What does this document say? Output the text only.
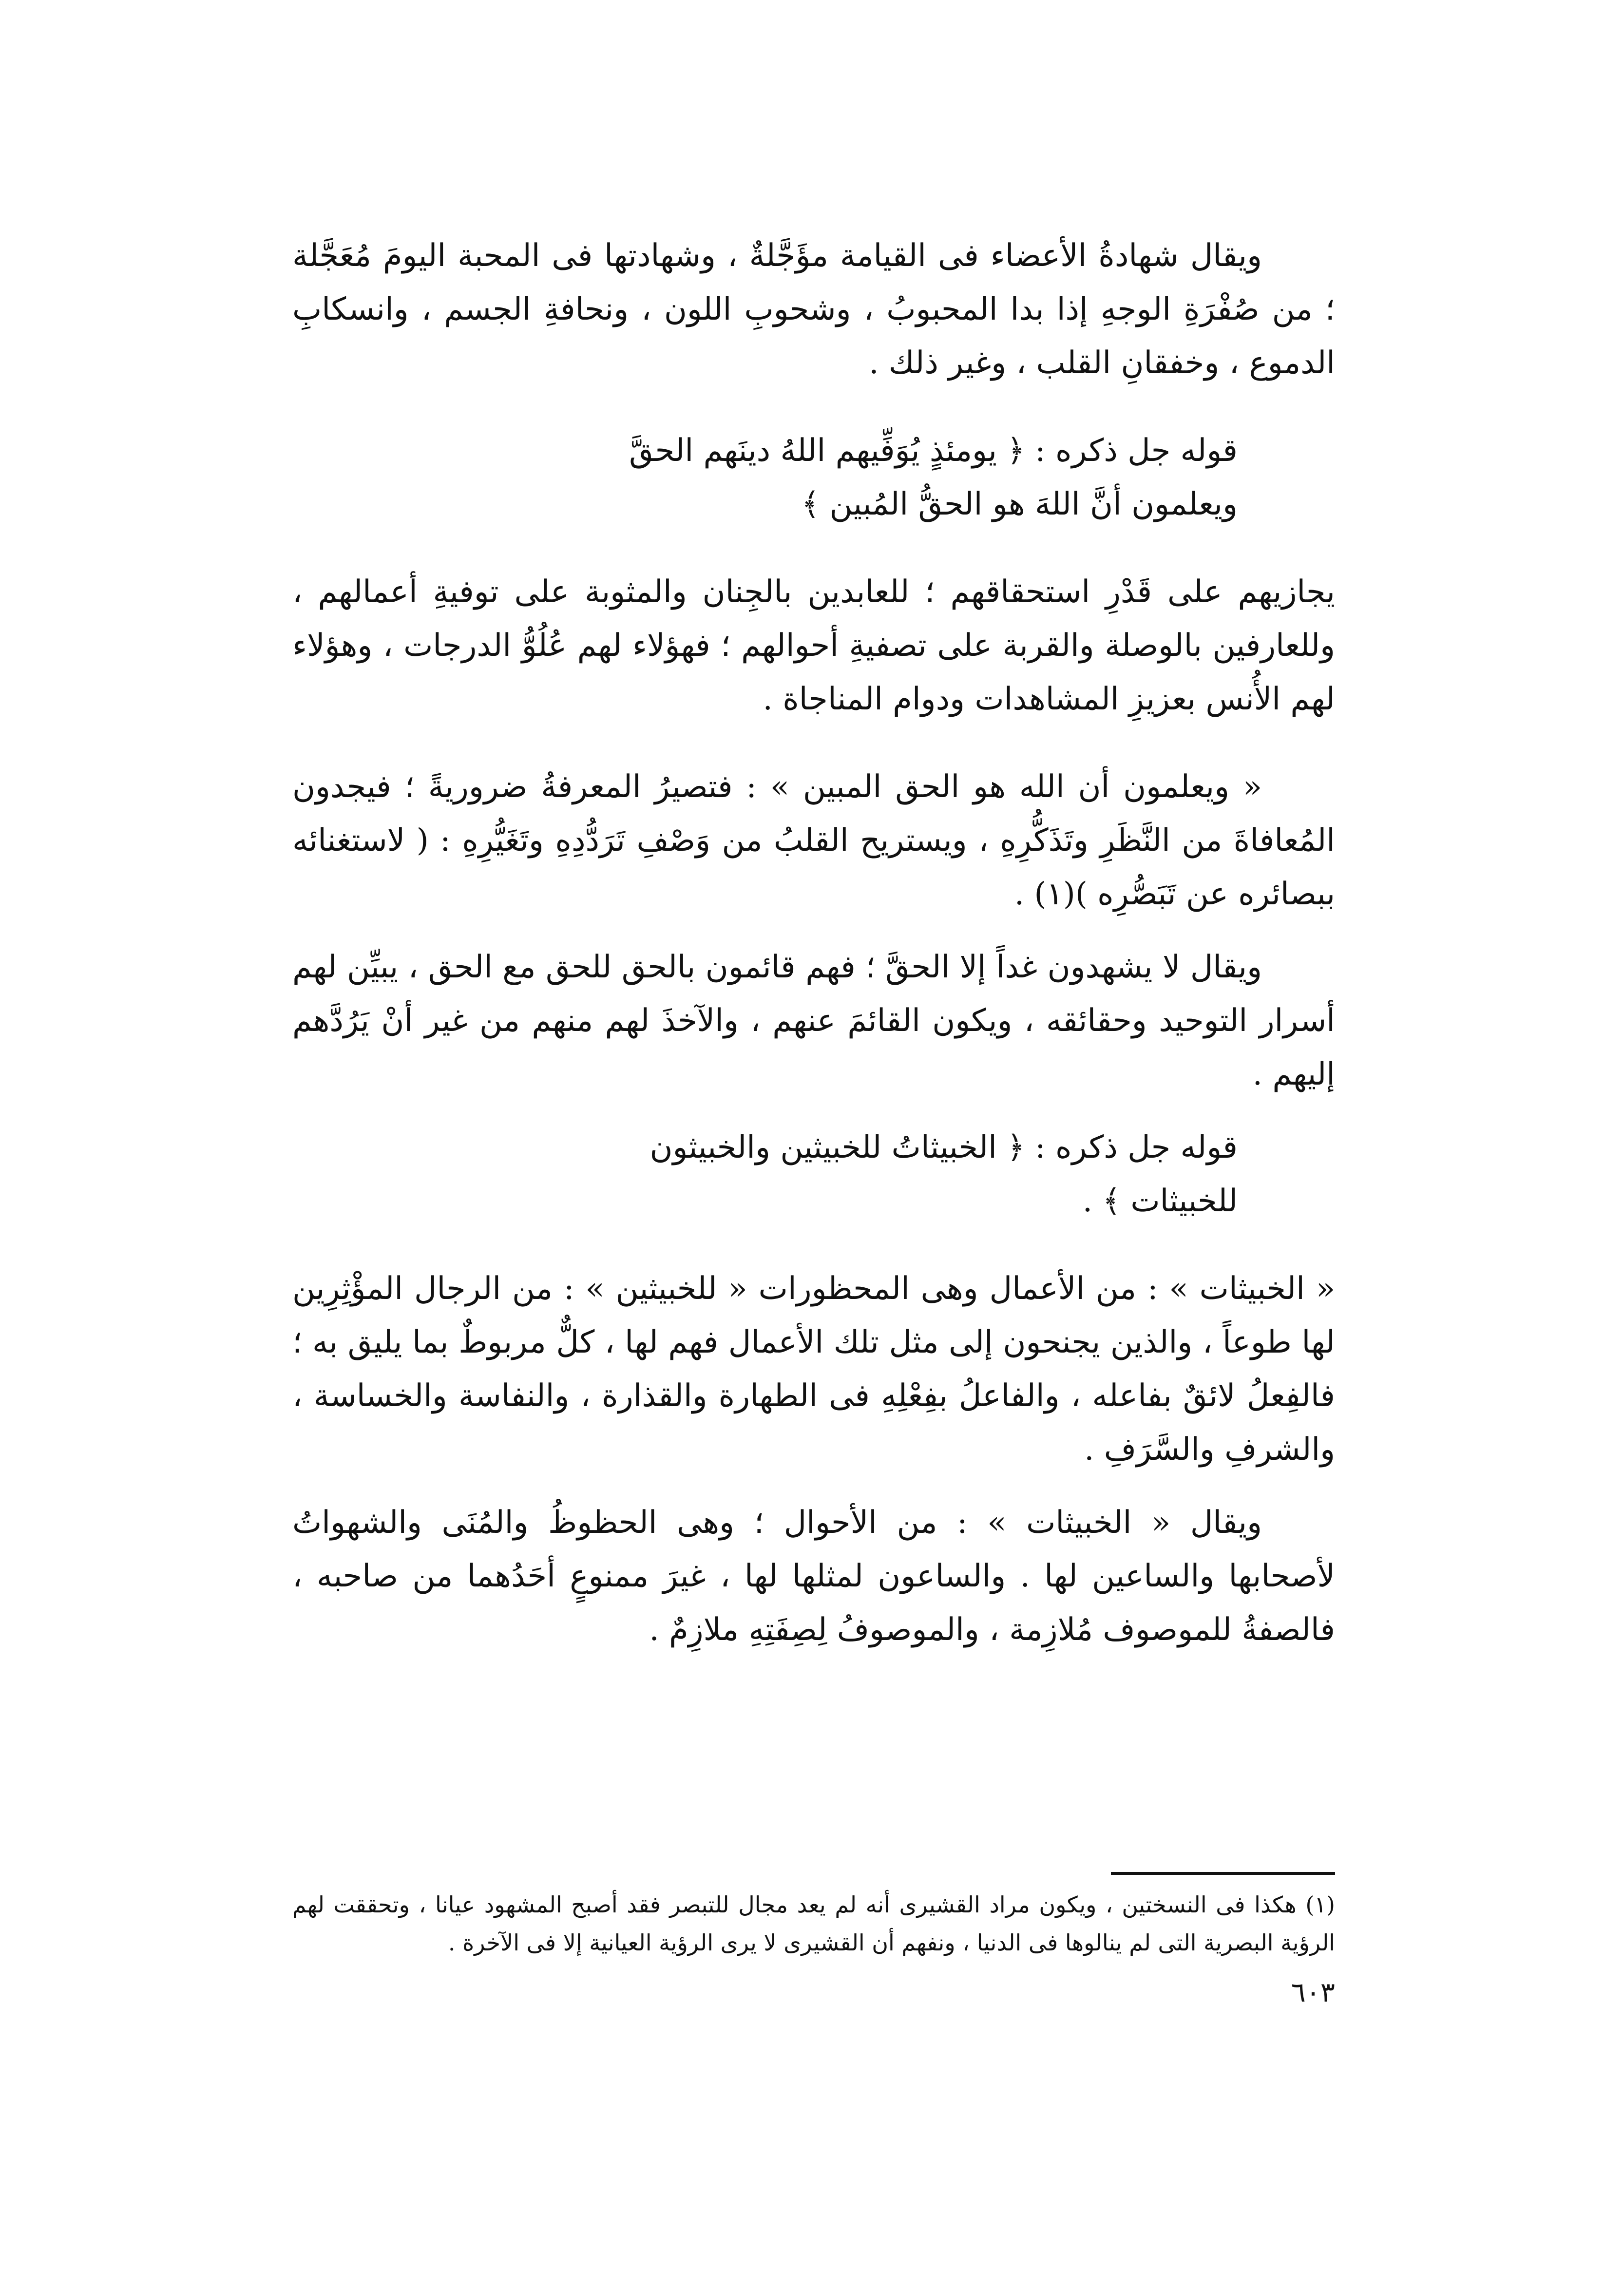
ويقال شهادةُ الأعضاء فى القيامة مؤَجَّلةٌ ، وشهادتها فى المحبة اليومَ مُعَجَّلة ؛ من صُفْرَةِ الوجهِ إذا بدا المحبوبُ ، وشحوبِ اللون ، ونحافةِ الجسم ، وانسكابِ الدموع ، وخفقانِ القلب ، وغير ذلك .

قوله جل ذكره : ﴿ يومئذٍ يُوَفِّيهم اللهُ دينَهم الحقَّ
ويعلمون أنَّ اللهَ هو الحقُّ المُبين ﴾

يجازيهم على قَدْرِ استحقاقهم ؛ للعابدين بالجِنان والمثوبة على توفيةِ أعمالهم ، وللعارفين بالوصلة والقربة على تصفيةِ أحوالهم ؛ فهؤلاء لهم عُلُوُّ الدرجات ، وهؤلاء لهم الأُنس بعزيزِ المشاهدات ودوام المناجاة .

« ويعلمون أن الله هو الحق المبين » : فتصيرُ المعرفةُ ضروريةً ؛ فيجدون المُعافاةَ من النَّظَرِ وتَذَكُّرِهِ ، ويستريح القلبُ من وَصْفِ تَرَدُّدِهِ وتَغَيُّرِهِ : ( لاستغنائه ببصائره عن تَبَصُّرِه )(١) .

ويقال لا يشهدون غداً إلا الحقَّ ؛ فهم قائمون بالحق للحق مع الحق ، يبيِّن لهم أسرار التوحيد وحقائقه ، ويكون القائمَ عنهم ، والآخذَ لهم منهم من غير أنْ يَرُدَّهم إليهم .

قوله جل ذكره : ﴿ الخبيثاتُ للخبيثين والخبيثون
للخبيثات ﴾ .

« الخبيثات » : من الأعمال وهى المحظورات « للخبيثين » : من الرجال المؤْثِرِين لها طوعاً ، والذين يجنحون إلى مثل تلك الأعمال فهم لها ، كلٌّ مربوطٌ بما يليق به ؛ فالفِعلُ لائقٌ بفاعله ، والفاعلُ بفِعْلِهِ فى الطهارة والقذارة ، والنفاسة والخساسة ، والشرفِ والسَّرَفِ .

ويقال « الخبيثات » : من الأحوال ؛ وهى الحظوظُ والمُنَى والشهواتُ لأصحابها والساعين لها . والساعون لمثلها لها ، غيرَ ممنوعٍ أحَدُهما من صاحبه ، فالصفةُ للموصوف مُلازِمة ، والموصوفُ لِصِفَتِهِ ملازِمٌ .

(١) هكذا فى النسختين ، ويكون مراد القشيرى أنه لم يعد مجال للتبصر فقد أصبح المشهود عيانا ، وتحققت لهم الرؤية البصرية التى لم ينالوها فى الدنيا ، ونفهم أن القشيرى لا يرى الرؤية العيانية إلا فى الآخرة .

٦٠٣
